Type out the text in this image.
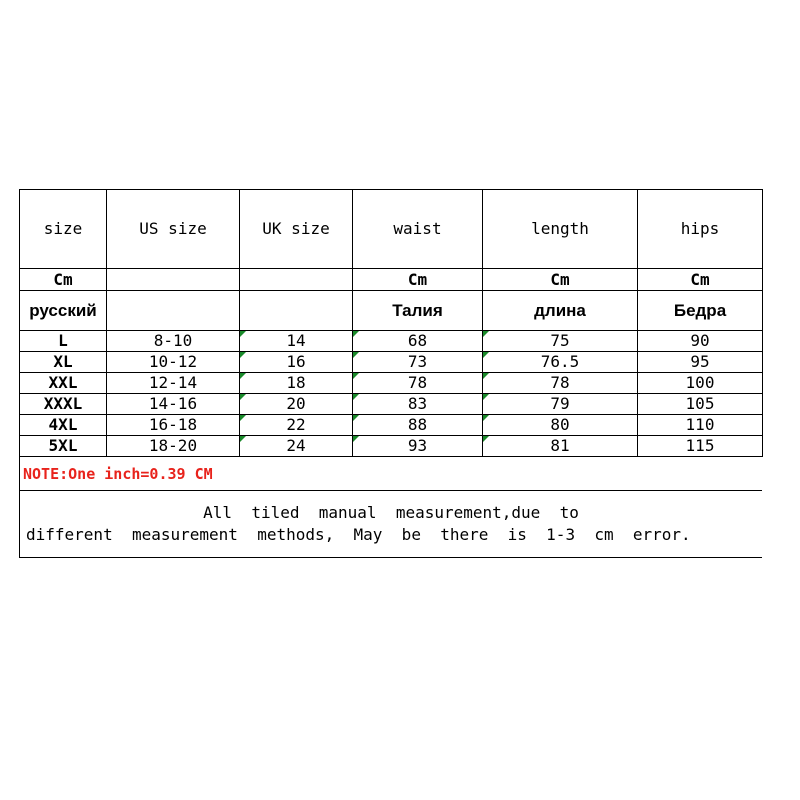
size	US size	UK size	waist	length	hips
Cm			Cm	Cm	Cm
русский			Талия	длина	Бедра
L	8-10	14	68	75	90
XL	10-12	16	73	76.5	95
XXL	12-14	18	78	78	100
XXXL	14-16	20	83	79	105
4XL	16-18	22	88	80	110
5XL	18-20	24	93	81	115
NOTE:One inch=0.39 CM
All  tiled  manual  measurement,due  to
different  measurement  methods,  May  be  there  is  1-3  cm  error.
